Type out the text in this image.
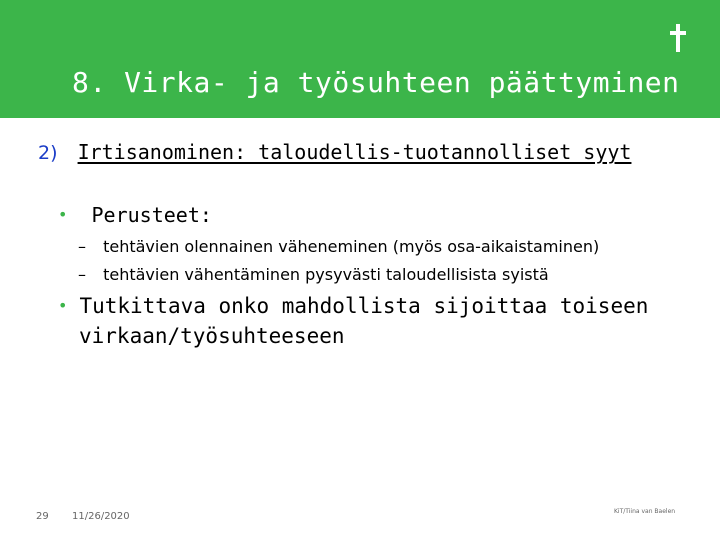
8. Virka- ja työsuhteen päättyminen
2) Irtisanominen: taloudellis-tuotannolliset syyt
• Perusteet:
– tehtävien olennainen väheneminen (myös osa-aikaistaminen)
– tehtävien vähentäminen pysyvästi taloudellisista syistä
• Tutkittava onko mahdollista sijoittaa toiseen
virkaan/työsuhteeseen
29 11/26/2020	KiT/Tiina van Baelen
